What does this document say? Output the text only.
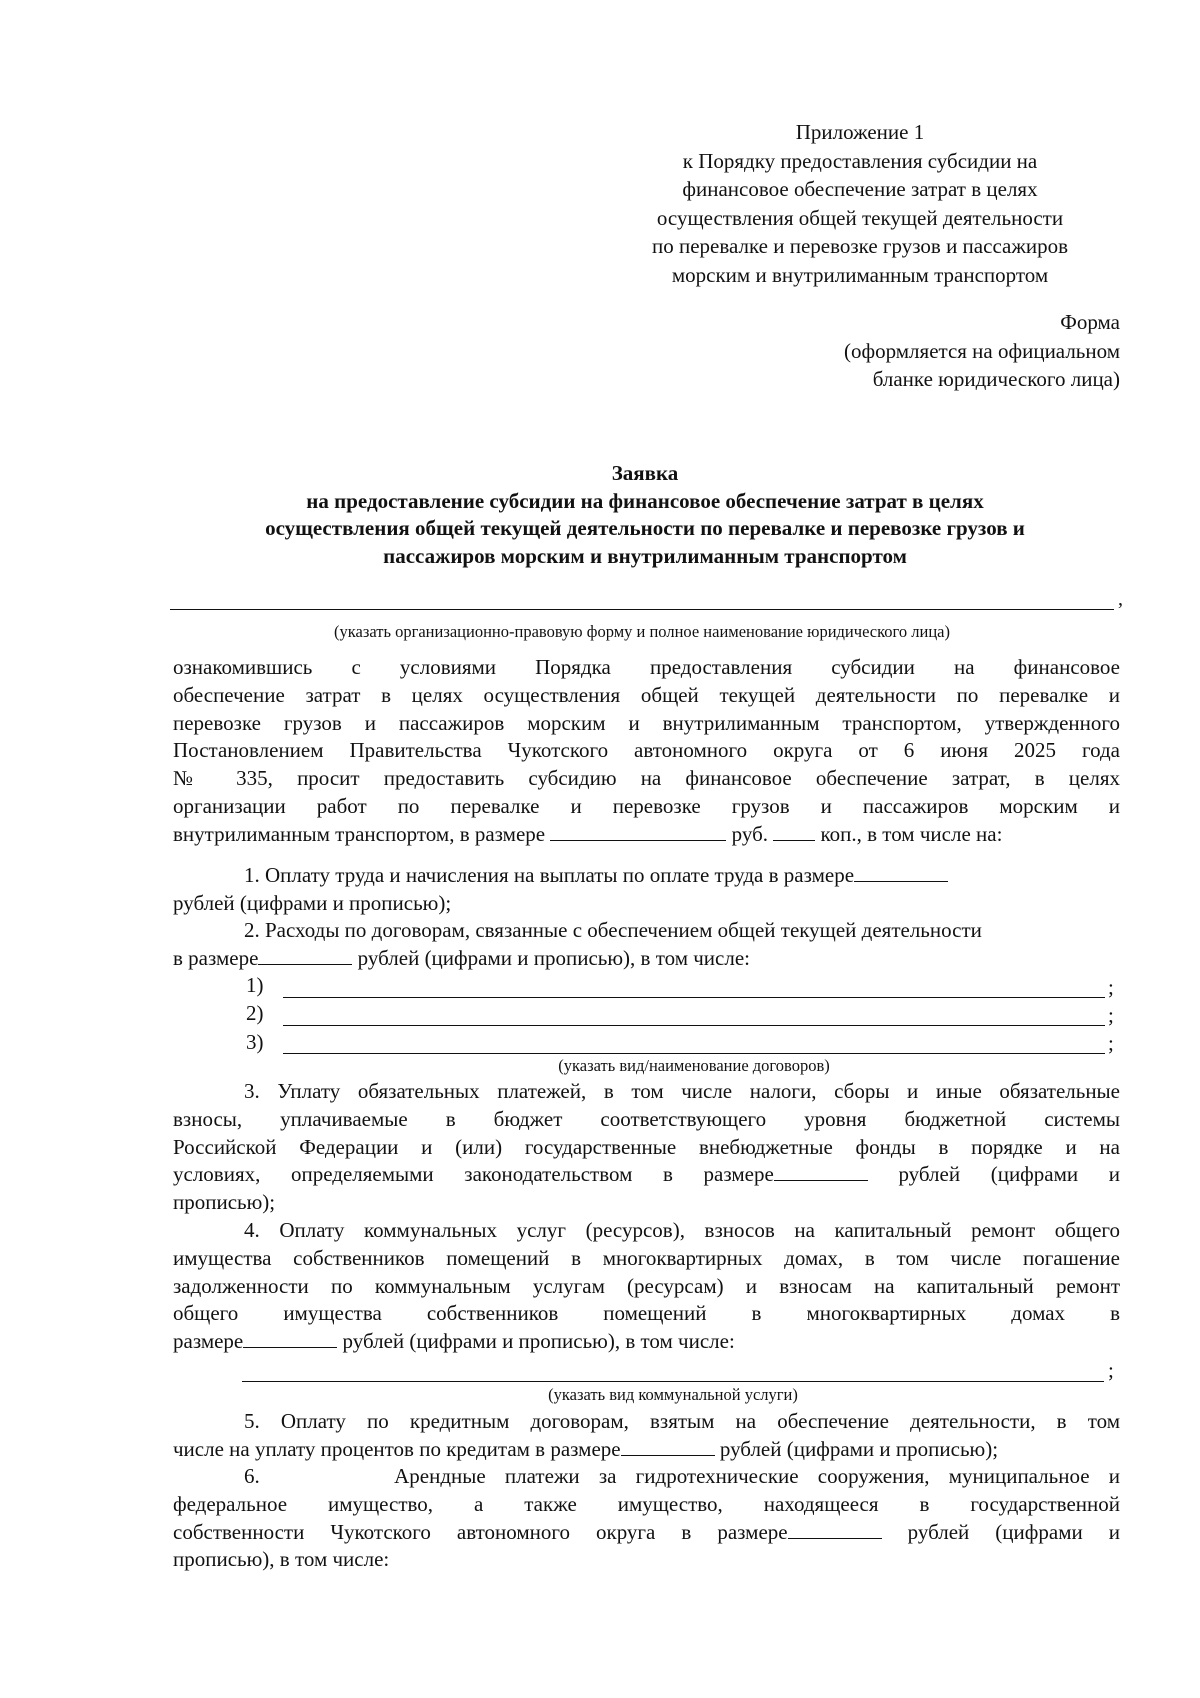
Приложение 1
к Порядку предоставления субсидии на
финансовое обеспечение затрат в целях
осуществления общей текущей деятельности
по перевалке и перевозке грузов и пассажиров
морским и внутрилиманным транспортом
Форма
(оформляется на официальном
бланке юридического лица)
Заявка
на предоставление субсидии на финансовое обеспечение затрат в целях
осуществления общей текущей деятельности по перевалке и перевозке грузов и
пассажиров морским и внутрилиманным транспортом
,
(указать организационно-правовую форму и полное наименование юридического лица)
ознакомившись с условиями Порядка предоставления субсидии на финансовое
обеспечение затрат в целях осуществления общей текущей деятельности по перевалке и
перевозке грузов и пассажиров морским и внутрилиманным транспортом, утвержденного
Постановлением Правительства Чукотского автономного округа от 6 июня 2025 года
№ 335, просит предоставить субсидию на финансовое обеспечение затрат, в целях
организации работ по перевалке и перевозке грузов и пассажиров морским и
внутрилиманным транспортом, в размере	руб.	коп., в том числе на:
1. Оплату труда и начисления на выплаты по оплате труда в размере
рублей (цифрами и прописью);
2. Расходы по договорам, связанные с обеспечением общей текущей деятельности
в размере	рублей (цифрами и прописью), в том числе:
1)	;
2)	;
3)	;
(указать вид/наименование договоров)
3. Уплату обязательных платежей, в том числе налоги, сборы и иные обязательные
взносы, уплачиваемые в бюджет соответствующего уровня бюджетной системы
Российской Федерации и (или) государственные внебюджетные фонды в порядке и на
условиях, определяемыми законодательством в размере	рублей (цифрами и
прописью);
4. Оплату коммунальных услуг (ресурсов), взносов на капитальный ремонт общего
имущества собственников помещений в многоквартирных домах, в том числе погашение
задолженности по коммунальным услугам (ресурсам) и взносам на капитальный ремонт
общего имущества собственников помещений в многоквартирных домах в
размере	рублей (цифрами и прописью), в том числе:
;
(указать вид коммунальной услуги)
5. Оплату по кредитным договорам, взятым на обеспечение деятельности, в том
числе на уплату процентов по кредитам в размере	рублей (цифрами и прописью);
6.       Арендные платежи за гидротехнические сооружения, муниципальное и
федеральное имущество, а также имущество, находящееся в государственной
собственности Чукотского автономного округа в размере	рублей (цифрами и
прописью), в том числе:
